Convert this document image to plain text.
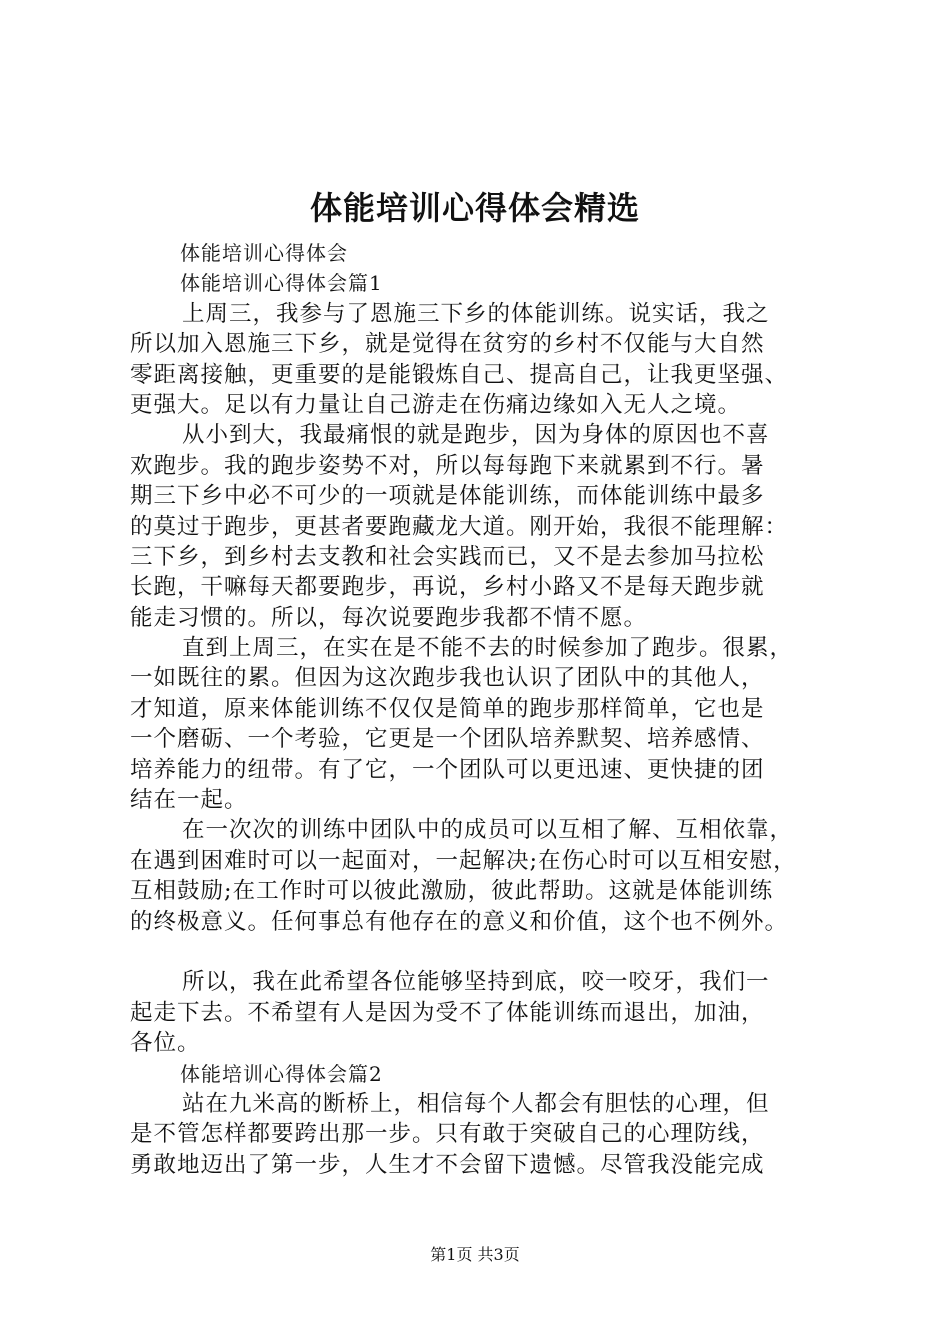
体能培训心得体会精选
体能培训心得体会
体能培训心得体会篇1
上周三，我参与了恩施三下乡的体能训练。说实话，我之
所以加入恩施三下乡，就是觉得在贫穷的乡村不仅能与大自然
零距离接触，更重要的是能锻炼自己、提高自己，让我更坚强、
更强大。足以有力量让自己游走在伤痛边缘如入无人之境。
从小到大，我最痛恨的就是跑步，因为身体的原因也不喜
欢跑步。我的跑步姿势不对，所以每每跑下来就累到不行。暑
期三下乡中必不可少的一项就是体能训练，而体能训练中最多
的莫过于跑步，更甚者要跑藏龙大道。刚开始，我很不能理解：
三下乡，到乡村去支教和社会实践而已，又不是去参加马拉松
长跑，干嘛每天都要跑步，再说，乡村小路又不是每天跑步就
能走习惯的。所以，每次说要跑步我都不情不愿。
直到上周三，在实在是不能不去的时候参加了跑步。很累，
一如既往的累。但因为这次跑步我也认识了团队中的其他人，
才知道，原来体能训练不仅仅是简单的跑步那样简单，它也是
一个磨砺、一个考验，它更是一个团队培养默契、培养感情、
培养能力的纽带。有了它，一个团队可以更迅速、更快捷的团
结在一起。
在一次次的训练中团队中的成员可以互相了解、互相依靠，
在遇到困难时可以一起面对，一起解决;在伤心时可以互相安慰，
互相鼓励;在工作时可以彼此激励，彼此帮助。这就是体能训练
的终极意义。任何事总有他存在的意义和价值，这个也不例外。
所以，我在此希望各位能够坚持到底，咬一咬牙，我们一
起走下去。不希望有人是因为受不了体能训练而退出，加油，
各位。
体能培训心得体会篇2
站在九米高的断桥上，相信每个人都会有胆怯的心理，但
是不管怎样都要跨出那一步。只有敢于突破自己的心理防线，
勇敢地迈出了第一步，人生才不会留下遗憾。尽管我没能完成
第1页 共3页
